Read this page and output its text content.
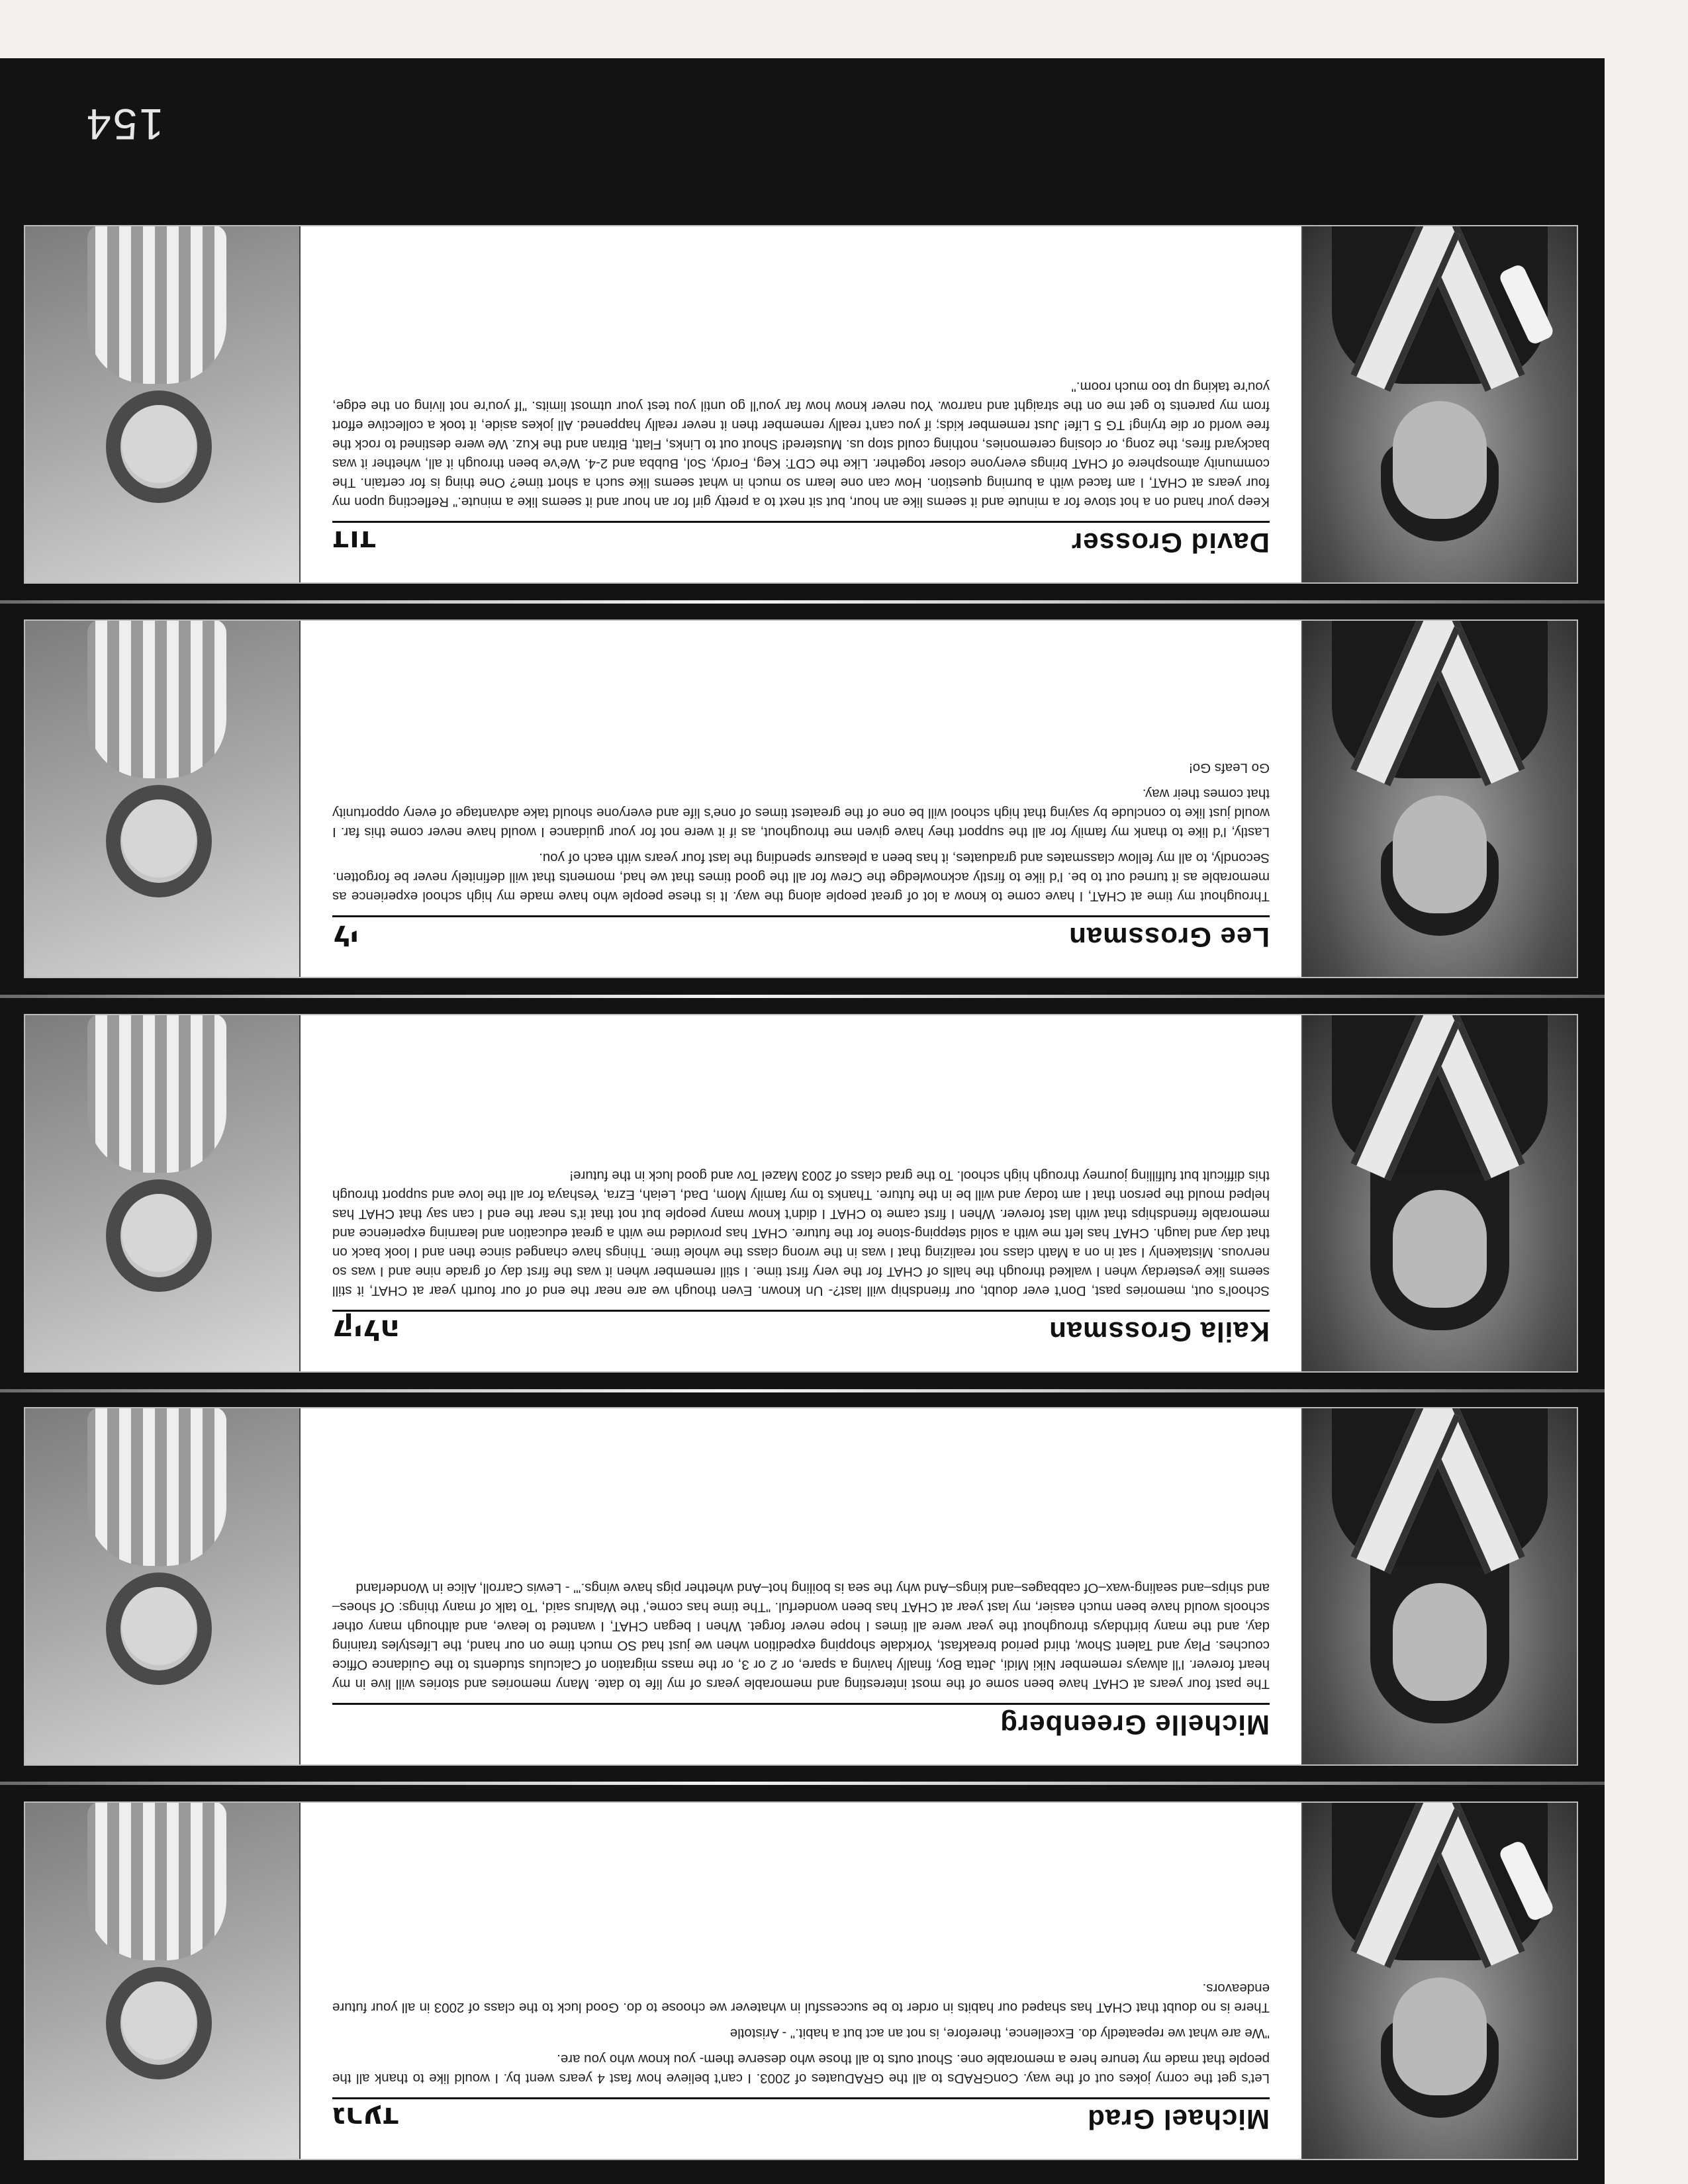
Michael Grad
גרעד

Let's get the corny jokes out of the way. ConGRADs to all the GRADuates of 2003. I can't believe how fast 4 years went by. I would like to thank all the people that made my tenure here a memorable one. Shout outs to all those who deserve them- you know who you are.

"We are what we repeatedly do. Excellence, therefore, is not an act but a habit." - Aristotle

There is no doubt that CHAT has shaped our habits in order to be successful in whatever we choose to do. Good luck to the class of 2003 in all your future endeavors.

Michelle Greenberg

The past four years at CHAT have been some of the most interesting and memorable years of my life to date. Many memories and stories will live in my heart forever. I'll always remember Niki Midi, Jetta Boy, finally having a spare, or 2 or 3, or the mass migration of Calculus students to the Guidance Office couches. Play and Talent Show, third period breakfast, Yorkdale shopping expedition when we just had SO much time on our hand, the Lifestyles training day, and the many birthdays throughout the year were all times I hope never forget. When I began CHAT, I wanted to leave, and although many other schools would have been much easier, my last year at CHAT has been wonderful. "The time has come,' the Walrus said, 'To talk of many things: Of shoes–and ships–and sealing-wax–Of cabbages–and kings–And why the sea is boiling hot–And whether pigs have wings.'" - Lewis Carroll, Alice in Wonderland

Kaila Grossman
קילה

School's out, memories past, Don't ever doubt, our friendship will last?- Un known. Even though we are near the end of our fourth year at CHAT, it still seems like yesterday when I walked through the halls of CHAT for the very first time. I still remember when it was the first day of grade nine and I was so nervous. Mistakenly I sat in on a Math class not realizing that I was in the wrong class the whole time. Things have changed since then and I look back on that day and laugh. CHAT has left me with a solid stepping-stone for the future. CHAT has provided me with a great education and learning experience and memorable friendships that with last forever. When I first came to CHAT I didn't know many people but not that it's near the end I can say that CHAT has helped mould the person that I am today and will be in the future. Thanks to my family Mom, Dad, Leiah, Ezra, Yeshaya for all the love and support through this difficult but fulfilling journey through high school. To the grad class of 2003 Mazel Tov and good luck in the future!

Lee Grossman
לי

Throughout my time at CHAT, I have come to know a lot of great people along the way. It is these people who have made my high school experience as memorable as it turned out to be. I'd like to firstly acknowledge the Crew for all the good times that we had, moments that will definitely never be forgotten. Secondly, to all my fellow classmates and graduates, it has been a pleasure spending the last four years with each of you.

Lastly, I'd like to thank my family for all the support they have given me throughout, as if it were not for your guidance I would have never come this far. I would just like to conclude by saying that high school will be one of the greatest times of one's life and everyone should take advantage of every opportunity that comes their way.

Go Leafs Go!

David Grosser
דוד

Keep your hand on a hot stove for a minute and it seems like an hour, but sit next to a pretty girl for an hour and it seems like a minute." Reflecting upon my four years at CHAT, I am faced with a burning question. How can one learn so much in what seems like such a short time? One thing is for certain. The community atmosphere of CHAT brings everyone closer together. Like the CDT: Keg, Fordy, Sol, Bubba and 2-4. We've been through it all, whether it was backyard fires, the zong, or closing ceremonies, nothing could stop us. Mustered! Shout out to Links, Flatt, Bitran and the Kuz. We were destined to rock the free world or die trying! TG 5 Life! Just remember kids; if you can't really remember then it never really happened. All jokes aside, it took a collective effort from my parents to get me on the straight and narrow. You never know how far you'll go until you test your utmost limits. "If you're not living on the edge, you're taking up too much room."

154
